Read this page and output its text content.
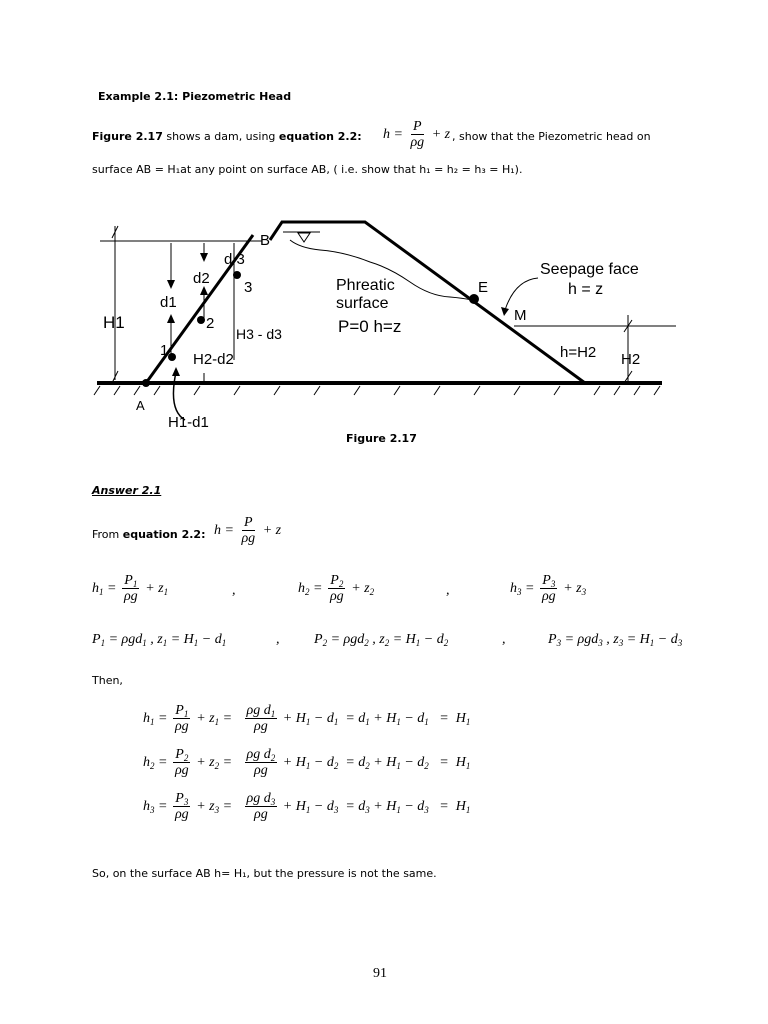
Example 2.1: Piezometric Head
Figure 2.17 shows a dam, using equation 2.2: $h = \frac{P}{\rho g} + z$ , show that the Piezometric head on
surface AB = H₁at any point on surface AB, ( i.e. show that h₁ = h₂ = h₃ = H₁).
A
B
E
M
1
2
3
H1
H2
d1
d2
d 3
H1-d1
H2-d2
H3 - d3
Phreatic
surface
P=0 h=z
Seepage face
h = z
h=H2
Figure 2.17
Answer 2.1
From equation 2.2: $h = \frac{P}{\rho g} + z$
$h_1 = \frac{P_1}{\rho g} + z_1$	,	$h_2 = \frac{P_2}{\rho g} + z_2$	,	$h_3 = \frac{P_3}{\rho g} + z_3$
$P_1 = \rho gd_1$ , $z_1 = H_1 - d_1$	, $P_2 = \rho gd_2$ , $z_2 = H_1 - d_2$	,	$P_3 = \rho gd_3$ , $z_3 = H_1 - d_3$
Then,
$h_1 = \frac{P_1}{\rho g} + z_1 = \frac{\rho g d_1}{\rho g} + H_1 - d_1 = d_1 + H_1 - d_1 = H_1$
$h_2 = \frac{P_2}{\rho g} + z_2 = \frac{\rho g d_2}{\rho g} + H_1 - d_2 = d_2 + H_1 - d_2 = H_1$
$h_3 = \frac{P_3}{\rho g} + z_3 = \frac{\rho g d_3}{\rho g} + H_1 - d_3 = d_3 + H_1 - d_3 = H_1$
So, on the surface AB h= H₁, but the pressure is not the same.
91
